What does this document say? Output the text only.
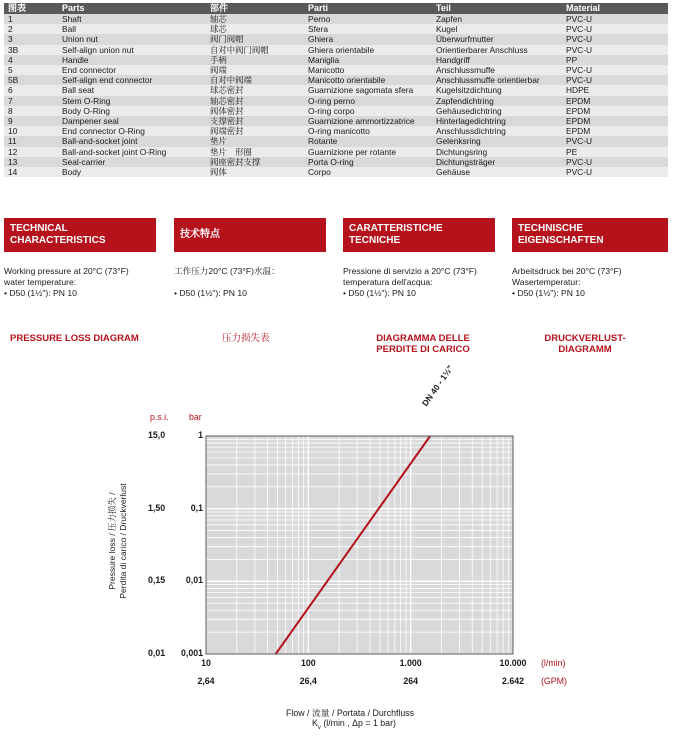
图表	Parts	部件	Parti	Teil	Material
1	Shaft	轴芯	Perno	Zapfen	PVC-U
2	Ball	球芯	Sfera	Kugel	PVC-U
3	Union nut	阀门阀帽	Ghiera	Überwurfmutter	PVC-U
3B	Self-align union nut	自对中阀门阀帽	Ghiera orientabile	Orientierbarer Anschluss	PVC-U
4	Handle	手柄	Maniglia	Handgriff	PP
5	End connector	阀端	Manicotto	Anschlussmuffe	PVC-U
5B	Self-align end connector	自对中阀端	Manicotto orientabile	Anschlussmuffe orientierbar	PVC-U
6	Ball seat	球芯密封	Guarnizione sagomata sfera	Kugelsitzdichtung	HDPE
7	Stem O-Ring	轴芯密封	O-ring perno	Zapfendichtring	EPDM
8	Body O-Ring	阀体密封	O-ring corpo	Gehäusedichtring	EPDM
9	Dampener seal	支撑密封	Guarnizione ammortizzatrice	Hinterlagedichtring	EPDM
10	End connector O-Ring	阀端密封	O-ring manicotto	Anschlussdichtring	EPDM
11	Ball-and-socket joint	垫片	Rotante	Gelenksring	PVC-U
12	Ball-and-socket joint O-Ring	垫片　形圈	Guarnizione per rotante	Dichtungsring	PE
13	Seal-carrier	阀座密封支撑	Porta O-ring	Dichtungsträger	PVC-U
14	Body	阀体	Corpo	Gehäuse	PVC-U
TECHNICAL
CHARACTERISTICS
技术特点
CARATTERISTICHE
TECNICHE
TECHNISCHE
EIGENSCHAFTEN
Working pressure at 20°C (73°F)
water temperature:
• D50 (1½"): PN 10
工作压力20°C (73°F)水温：
• D50 (1½"): PN 10
Pressione di servizio a 20°C (73°F)
temperatura dell'acqua:
• D50 (1½"): PN 10
Arbeitsdruck bei 20°C (73°F)
Wasertemperatur:
• D50 (1½"): PN 10
PRESSURE LOSS DIAGRAM	压力损失表	DIAGRAMMA DELLE
PERDITE DI CARICO
DRUCKVERLUST-
DIAGRAMM
p.s.i. bar
15,0	1
1,50	0,1
0,15	0,01
0,01	0,001
10
2,64
100
26,4
1.000
264
10.000
2.642
(l/min)
(GPM)
Pressure loss / 压力损失 / Perdita di carico / Druckverlust
DN 40 - 1½"
Flow / 流量 / Portata / Durchfluss
$K_v$ (l/min , Δp = 1 bar)
